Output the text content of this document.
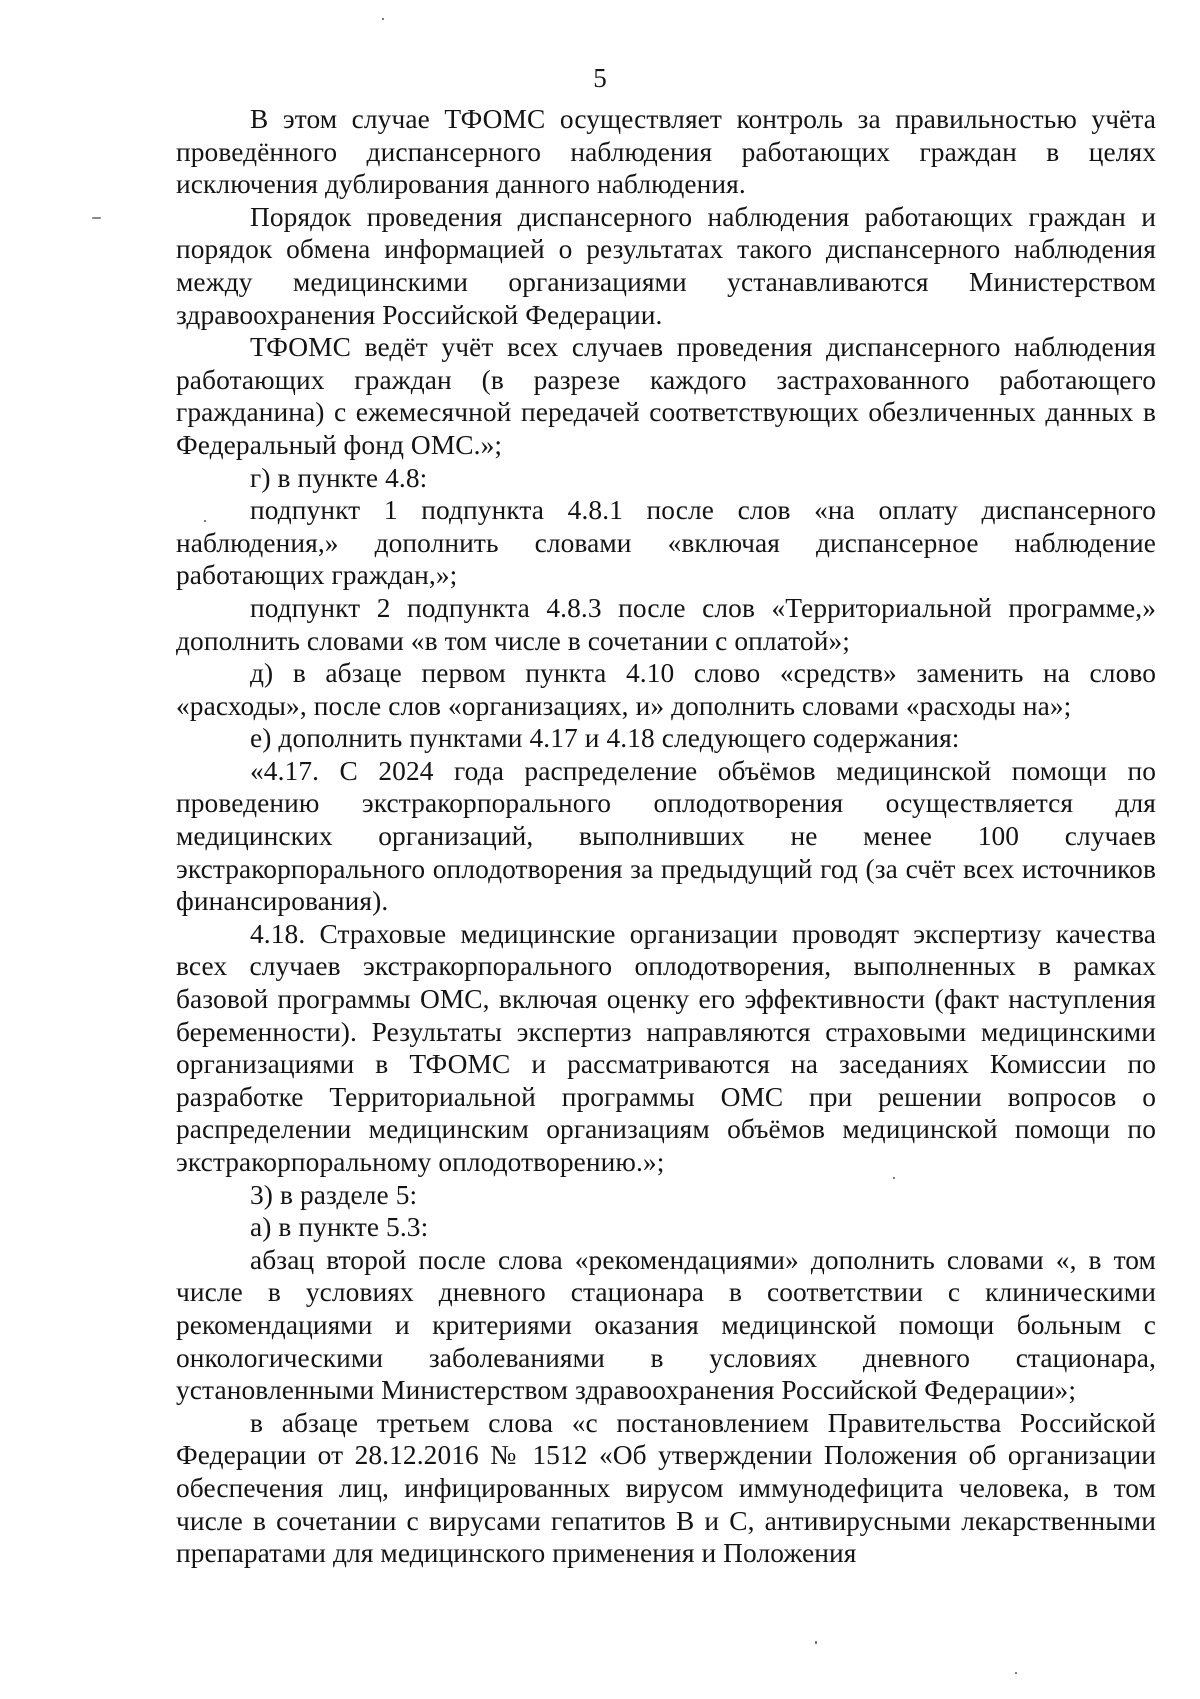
5

В этом случае ТФОМС осуществляет контроль за правильностью учёта проведённого диспансерного наблюдения работающих граждан в целях исключения дублирования данного наблюдения.

Порядок проведения диспансерного наблюдения работающих граждан и порядок обмена информацией о результатах такого диспансерного наблюдения между медицинскими организациями устанавливаются Министерством здравоохранения Российской Федерации.

ТФОМС ведёт учёт всех случаев проведения диспансерного наблюдения работающих граждан (в разрезе каждого застрахованного работающего гражданина) с ежемесячной передачей соответствующих обезличенных данных в Федеральный фонд ОМС.»;

г) в пункте 4.8:

подпункт 1 подпункта 4.8.1 после слов «на оплату диспансерного наблюдения,» дополнить словами «включая диспансерное наблюдение работающих граждан,»;

подпункт 2 подпункта 4.8.3 после слов «Территориальной программе,» дополнить словами «в том числе в сочетании с оплатой»;

д) в абзаце первом пункта 4.10 слово «средств» заменить на слово «расходы», после слов «организациях, и» дополнить словами «расходы на»;

е) дополнить пунктами 4.17 и 4.18 следующего содержания:

«4.17. С 2024 года распределение объёмов медицинской помощи по проведению экстракорпорального оплодотворения осуществляется для медицинских организаций, выполнивших не менее 100 случаев экстракорпорального оплодотворения за предыдущий год (за счёт всех источников финансирования).

4.18. Страховые медицинские организации проводят экспертизу качества всех случаев экстракорпорального оплодотворения, выполненных в рамках базовой программы ОМС, включая оценку его эффективности (факт наступления беременности). Результаты экспертиз направляются страховыми медицинскими организациями в ТФОМС и рассматриваются на заседаниях Комиссии по разработке Территориальной программы ОМС при решении вопросов о распределении медицинским организациям объёмов медицинской помощи по экстракорпоральному оплодотворению.»;

3) в разделе 5:

а) в пункте 5.3:

абзац второй после слова «рекомендациями» дополнить словами «, в том числе в условиях дневного стационара в соответствии с клиническими рекомендациями и критериями оказания медицинской помощи больным с онкологическими заболеваниями в условиях дневного стационара, установленными Министерством здравоохранения Российской Федерации»;

в абзаце третьем слова «с постановлением Правительства Российской Федерации от 28.12.2016 № 1512 «Об утверждении Положения об организации обеспечения лиц, инфицированных вирусом иммунодефицита человека, в том числе в сочетании с вирусами гепатитов B и C, антивирусными лекарственными препаратами для медицинского применения и Положения
